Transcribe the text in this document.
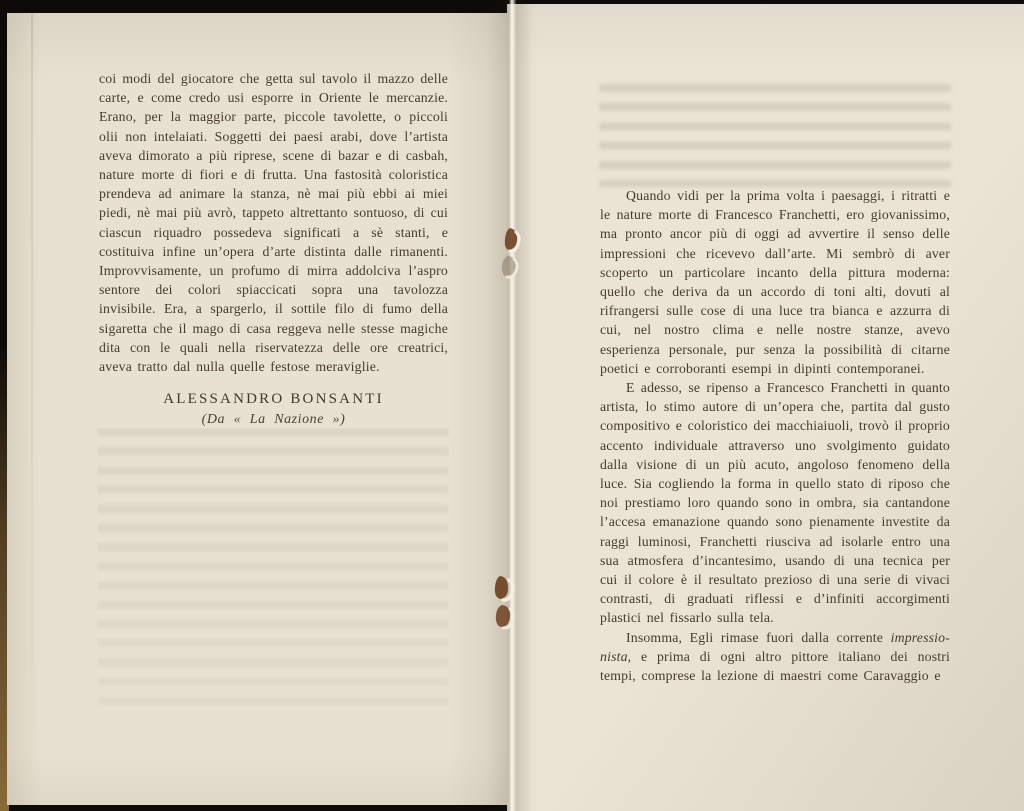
coi modi del giocatore che getta sul tavolo il mazzo delle carte, e come credo usi esporre in Oriente le mercanzie. Erano, per la maggior parte, piccole tavolette, o piccoli olii non intelaiati. Soggetti dei paesi arabi, dove l’artista aveva dimorato a più riprese, scene di bazar e di casbah, nature morte di fiori e di frutta. Una fastosità coloristica prendeva ad animare la stanza, nè mai più ebbi ai miei piedi, nè mai più avrò, tappeto altrettanto sontuoso, di cui ciascun riquadro possedeva significati a sè stanti, e costituiva infine un’opera d’arte distinta dalle rimanenti. Improvvisamente, un profumo di mirra addolciva l’aspro sentore dei colori spiaccicati sopra una tavolozza invisibile. Era, a spargerlo, il sottile filo di fumo della sigaretta che il mago di casa reggeva nelle stesse magiche dita con le quali nella riservatezza delle ore creatrici, aveva tratto dal nulla quelle festose meraviglie.

ALESSANDRO BONSANTI
(Da « La Nazione »)

Quando vidi per la prima volta i paesaggi, i ritratti e le nature morte di Francesco Franchetti, ero giovanissimo, ma pronto ancor più di oggi ad avvertire il senso delle impressioni che ricevevo dall’arte. Mi sembrò di aver scoperto un particolare incanto della pittura moderna: quello che deriva da un accordo di toni alti, dovuti al rifrangersi sulle cose di una luce tra bianca e azzurra di cui, nel nostro clima e nelle nostre stanze, avevo esperienza personale, pur senza la possibilità di citarne poetici e corroboranti esempi in dipinti contemporanei.

E adesso, se ripenso a Francesco Franchetti in quanto artista, lo stimo autore di un’opera che, partita dal gusto compositivo e coloristico dei macchiaiuoli, trovò il proprio accento individuale attraverso uno svolgimento guidato dalla visione di un più acuto, angoloso fenomeno della luce. Sia cogliendo la forma in quello stato di riposo che noi prestiamo loro quando sono in ombra, sia cantandone l’accesa emanazione quando sono pienamente investite da raggi luminosi, Franchetti riusciva ad isolarle entro una sua atmosfera d’incantesimo, usando di una tecnica per cui il colore è il resultato prezioso di una serie di vivaci contrasti, di graduati riflessi e d’infiniti accorgimenti plastici nel fissarlo sulla tela.

Insomma, Egli rimase fuori dalla corrente impressio-nista, e prima di ogni altro pittore italiano dei nostri tempi, comprese la lezione di maestri come Caravaggio e
